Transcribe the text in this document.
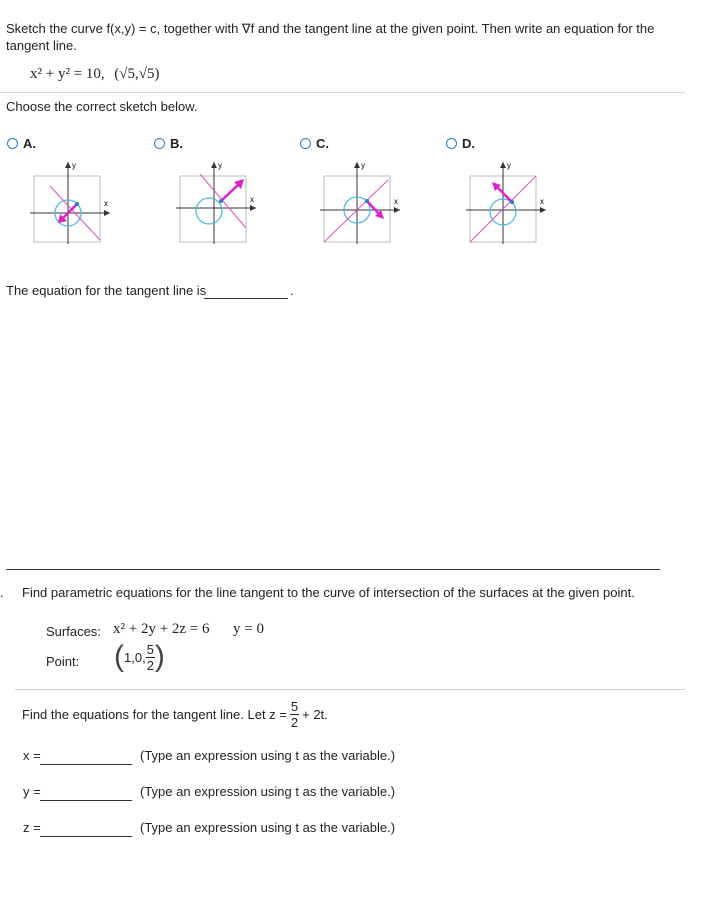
Sketch the curve f(x,y) = c, together with ∇f and the tangent line at the given point. Then write an equation for the tangent line.
x² + y² = 10, (√5,√5)
Choose the correct sketch below.
A.	B.	C.	D.
x
y
x
y
x
y
x
y
The equation for the tangent line is	.
. Find parametric equations for the line tangent to the curve of intersection of the surfaces at the given point.
Surfaces: x² + 2y + 2z = 6 y = 0
Point: ( 1,0, $\frac{5}{2}$ )
Find the equations for the tangent line. Let $z = \frac{5}{2} + 2t$.
x =	(Type an expression using t as the variable.)
y =	(Type an expression using t as the variable.)
z =	(Type an expression using t as the variable.)
